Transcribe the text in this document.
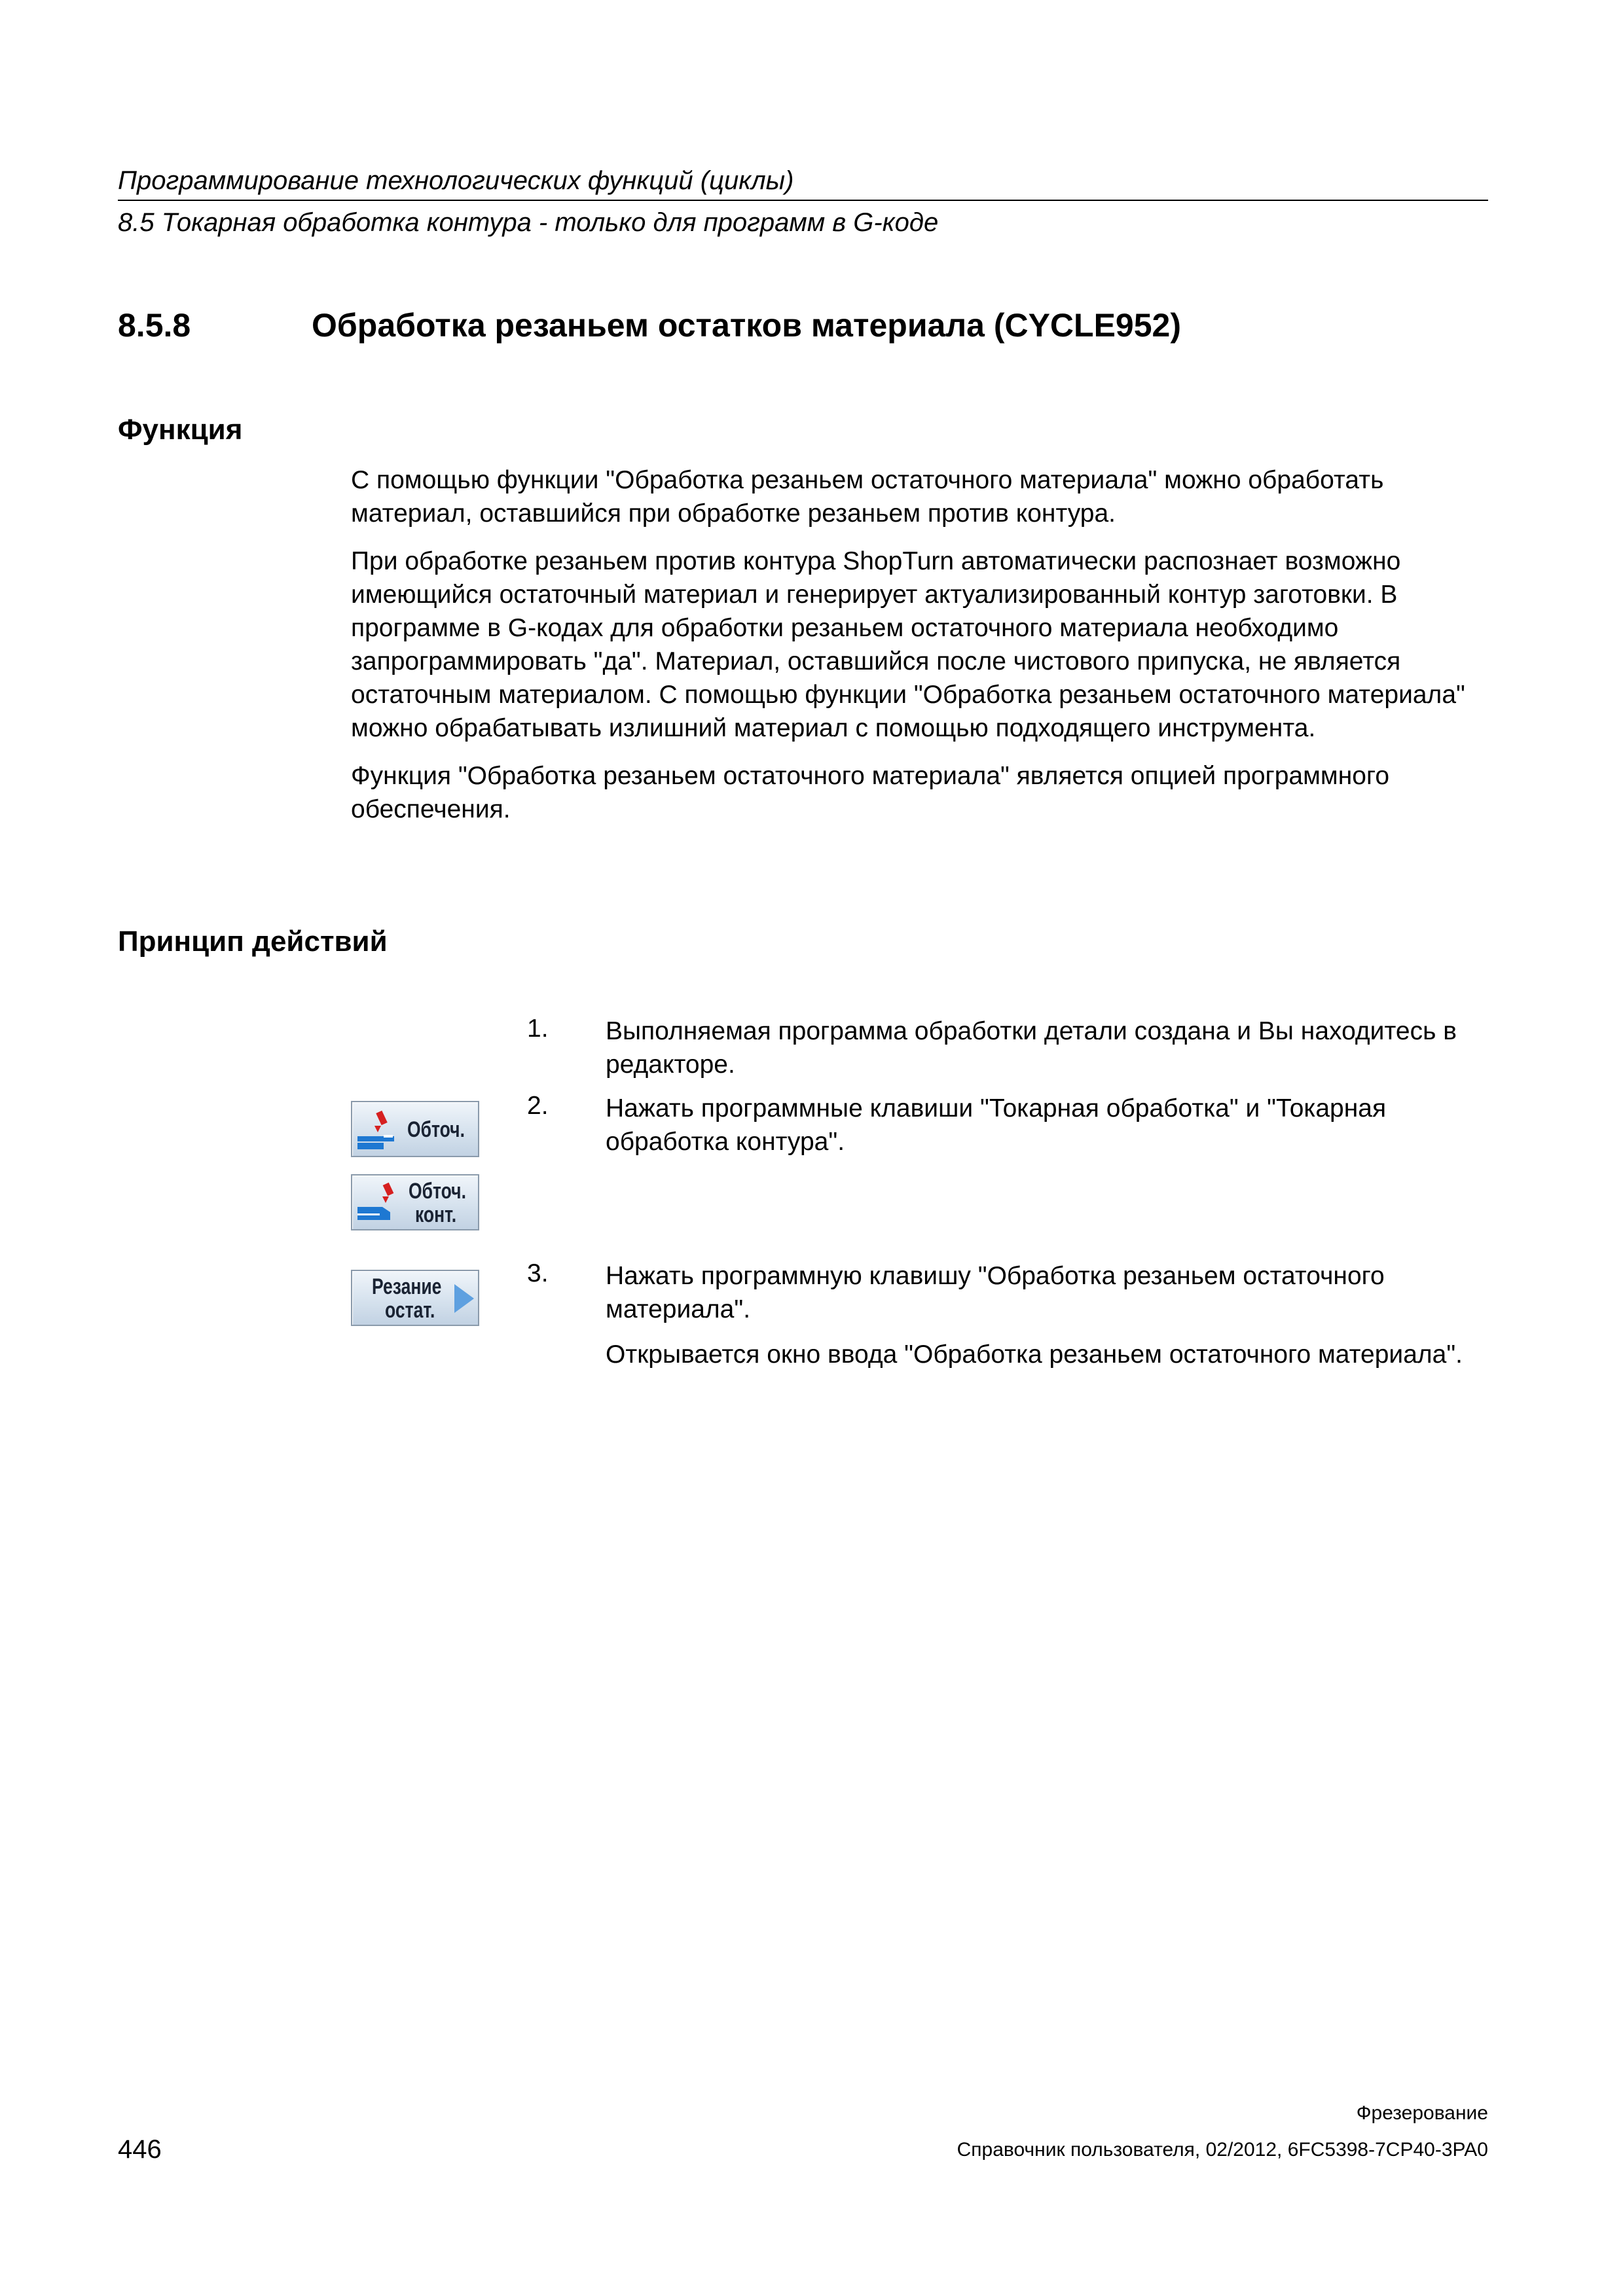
Программирование технологических функций (циклы)
8.5 Токарная обработка контура - только для программ в G-коде
8.5.8	Обработка резаньем остатков материала (CYCLE952)
Функция

С помощью функции "Обработка резаньем остаточного материала" можно обработать материал, оставшийся при обработке резаньем против контура.

При обработке резаньем против контура ShopTurn автоматически распознает возможно имеющийся остаточный материал и генерирует актуализированный контур заготовки. В программе в G-кодах для обработки резаньем остаточного материала необходимо запрограммировать "да". Материал, оставшийся после чистового припуска, не является остаточным материалом. С помощью функции "Обработка резаньем остаточного материала" можно обрабатывать излишний материал с помощью подходящего инструмента.

Функция "Обработка резаньем остаточного материала" является опцией программного обеспечения.

Принцип действий
1. Выполняемая программа обработки детали создана и Вы находитесь в редакторе.

2. Нажать программные клавиши "Токарная обработка" и "Токарная обработка контура".

3. Нажать программную клавишу "Обработка резаньем остаточного материала".

Открывается окно ввода "Обработка резаньем остаточного материала".

Обточ.
Обточ.
конт.
Резание
остат.
Фрезерование
446	Справочник пользователя, 02/2012, 6FC5398-7CP40-3PA0
